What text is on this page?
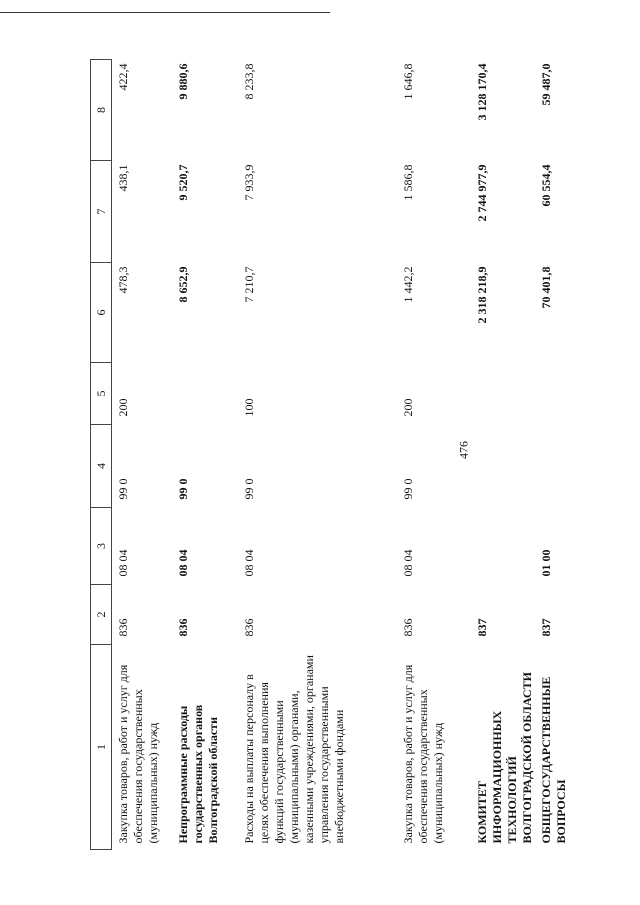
476
1	2	3	4	5	6	7	8
Закупка товаров, работ и услуг для обеспечения государственных (муниципальных) нужд	836	08 04	99 0	200	478,3	438,1	422,4
Непрограммные расходы государственных органов Волгоградской области	836	08 04	99 0		8 652,9	9 520,7	9 880,6
Расходы на выплаты персоналу в целях обеспечения выполнения функций государственными (муниципальными) органами, казенными учреждениями, органами управления государственными внебюджетными фондами	836	08 04	99 0	100	7 210,7	7 933,9	8 233,8
Закупка товаров, работ и услуг для обеспечения государственных (муниципальных) нужд	836	08 04	99 0	200	1 442,2	1 586,8	1 646,8
КОМИТЕТ ИНФОРМАЦИОННЫХ ТЕХНОЛОГИЙ ВОЛГОГРАДСКОЙ ОБЛАСТИ	837				2 318 218,9	2 744 977,9	3 128 170,4
ОБЩЕГОСУДАРСТВЕННЫЕ ВОПРОСЫ	837	01 00			70 401,8	60 554,4	59 487,0
